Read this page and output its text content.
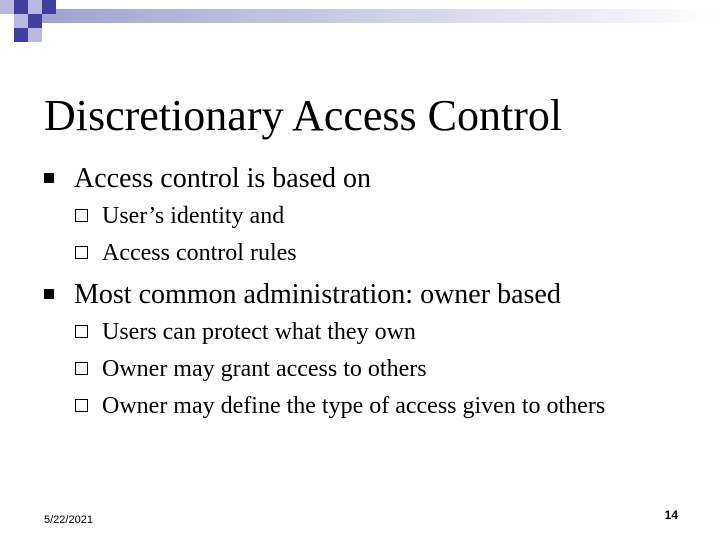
Discretionary Access Control
Access control is based on
User’s identity and
Access control rules
Most common administration: owner based
Users can protect what they own
Owner may grant access to others
Owner may define the type of access given to others
5/22/2021	14
